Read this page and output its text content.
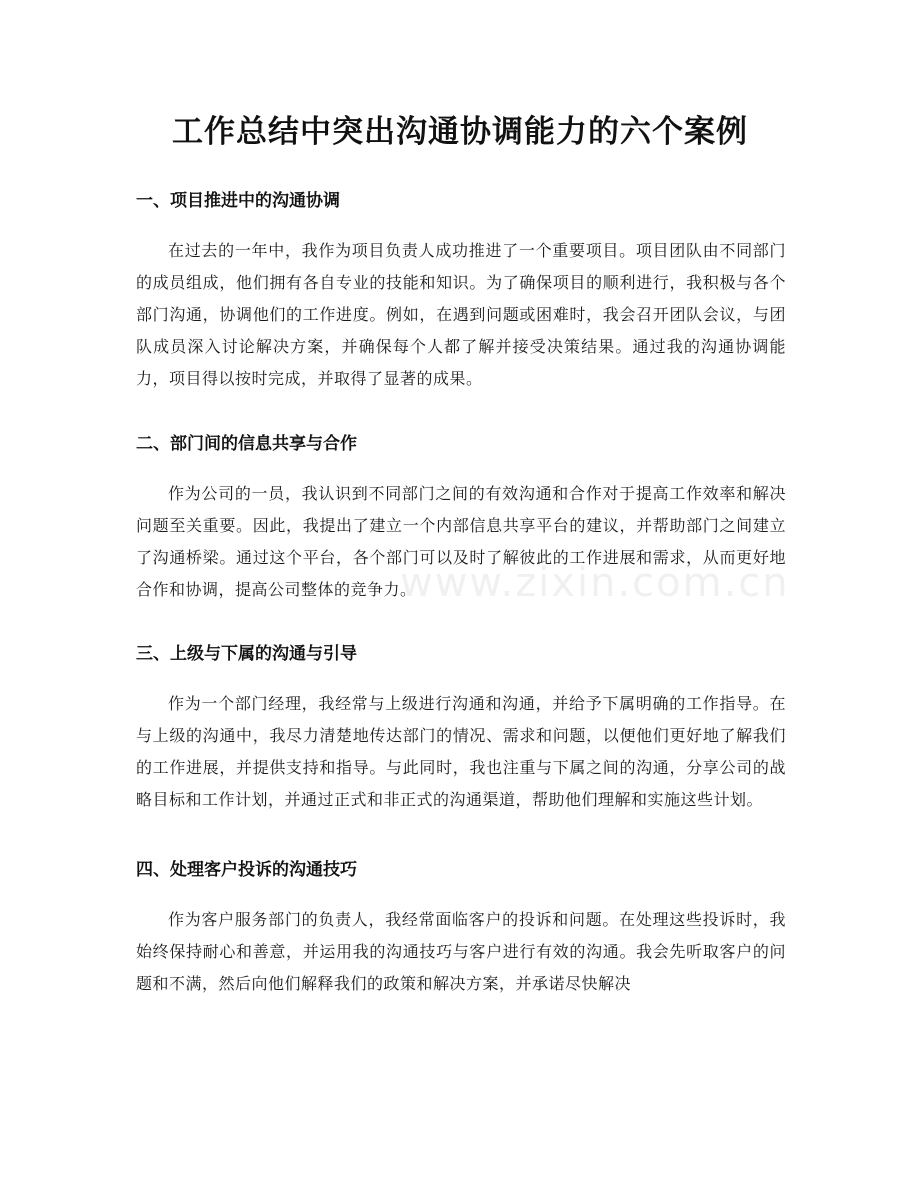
工作总结中突出沟通协调能力的六个案例
www.zixin.com.cn
一、项目推进中的沟通协调

在过去的一年中，我作为项目负责人成功推进了一个重要项目。项目团队由不同部门的成员组成，他们拥有各自专业的技能和知识。为了确保项目的顺利进行，我积极与各个部门沟通，协调他们的工作进度。例如，在遇到问题或困难时，我会召开团队会议，与团队成员深入讨论解决方案，并确保每个人都了解并接受决策结果。通过我的沟通协调能力，项目得以按时完成，并取得了显著的成果。

二、部门间的信息共享与合作

作为公司的一员，我认识到不同部门之间的有效沟通和合作对于提高工作效率和解决问题至关重要。因此，我提出了建立一个内部信息共享平台的建议，并帮助部门之间建立了沟通桥梁。通过这个平台，各个部门可以及时了解彼此的工作进展和需求，从而更好地合作和协调，提高公司整体的竞争力。

三、上级与下属的沟通与引导

作为一个部门经理，我经常与上级进行沟通和沟通，并给予下属明确的工作指导。在与上级的沟通中，我尽力清楚地传达部门的情况、需求和问题，以便他们更好地了解我们的工作进展，并提供支持和指导。与此同时，我也注重与下属之间的沟通，分享公司的战略目标和工作计划，并通过正式和非正式的沟通渠道，帮助他们理解和实施这些计划。

四、处理客户投诉的沟通技巧

作为客户服务部门的负责人，我经常面临客户的投诉和问题。在处理这些投诉时，我始终保持耐心和善意，并运用我的沟通技巧与客户进行有效的沟通。我会先听取客户的问题和不满，然后向他们解释我们的政策和解决方案，并承诺尽快解决
